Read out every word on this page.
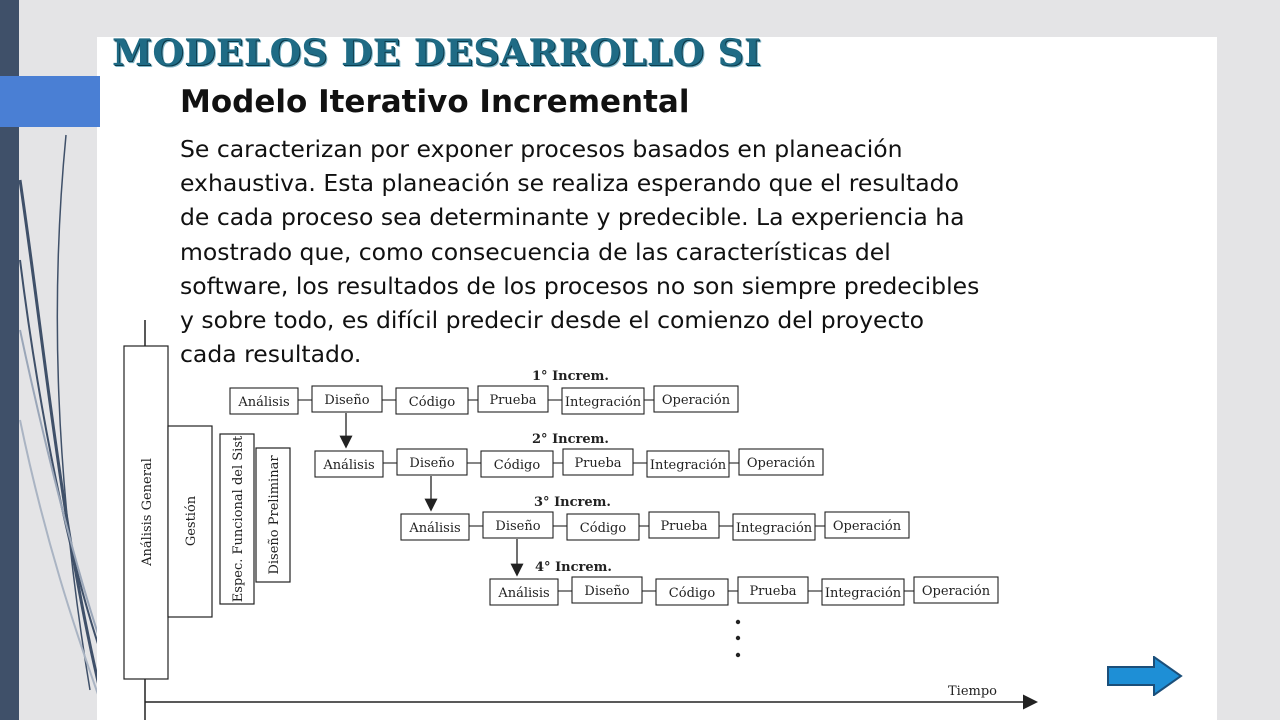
MODELOS DE DESARROLLO SI
Modelo Iterativo Incremental

Se caracterizan por exponer procesos basados en planeación
exhaustiva. Esta planeación se realiza esperando que el resultado
de cada proceso sea determinante y predecible. La experiencia ha
mostrado que, como consecuencia de las características del
software, los resultados de los procesos no son siempre predecibles
y sobre todo, es difícil predecir desde el comienzo del proyecto
cada resultado.

Tiempo
Análisis General Gestión Espec. Funcional del Sist Diseño Preliminar
1° Increm.
Análisis	Diseño	Código	Prueba Integración Operación
2° Increm.
Análisis	Diseño	Código	Prueba Integración Operación
3° Increm.
Análisis	Diseño	Código	Prueba Integración Operación
4° Increm.
Análisis	Diseño	Código	Prueba Integración Operación
